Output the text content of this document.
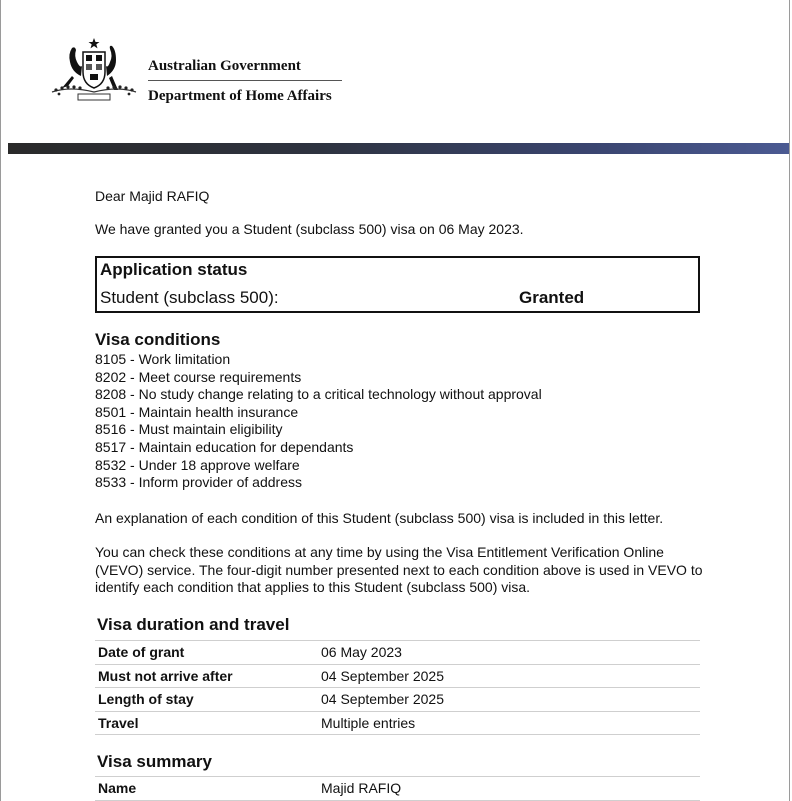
Australian Government
Department of Home Affairs
Dear Majid RAFIQ
We have granted you a Student (subclass 500) visa on 06 May 2023.
Application status
Student (subclass 500):	Granted
Visa conditions
8105 - Work limitation
8202 - Meet course requirements
8208 - No study change relating to a critical technology without approval
8501 - Maintain health insurance
8516 - Must maintain eligibility
8517 - Maintain education for dependants
8532 - Under 18 approve welfare
8533 - Inform provider of address
An explanation of each condition of this Student (subclass 500) visa is included in this letter.
You can check these conditions at any time by using the Visa Entitlement Verification Online (VEVO) service. The four-digit number presented next to each condition above is used in VEVO to identify each condition that applies to this Student (subclass 500) visa.
Visa duration and travel
Date of grant	06 May 2023
Must not arrive after	04 September 2025
Length of stay	04 September 2025
Travel	Multiple entries
Visa summary
Name	Majid RAFIQ
